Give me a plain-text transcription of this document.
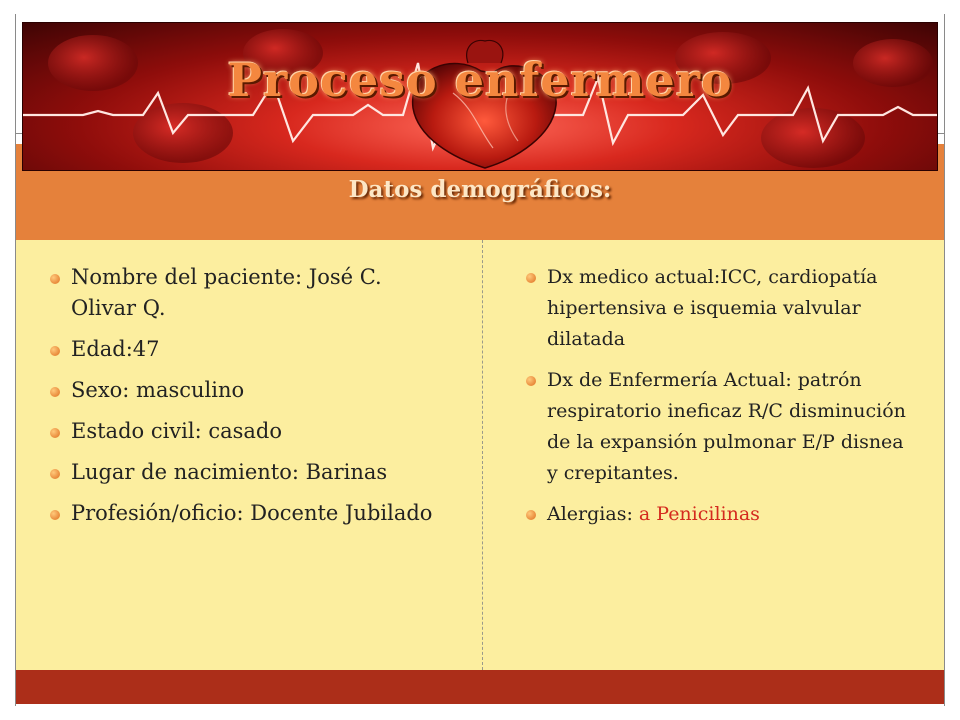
Proceso enfermero
Datos demográficos:
Nombre del paciente: José C. Olivar Q.
Edad:47
Sexo: masculino
Estado civil: casado
Lugar de nacimiento: Barinas
Profesión/oficio: Docente Jubilado
Dx medico actual:ICC, cardiopatía hipertensiva e isquemia valvular dilatada
Dx de Enfermería Actual: patrón respiratorio ineficaz R/C disminución de la expansión pulmonar E/P disnea y crepitantes.
Alergias: a Penicilinas
